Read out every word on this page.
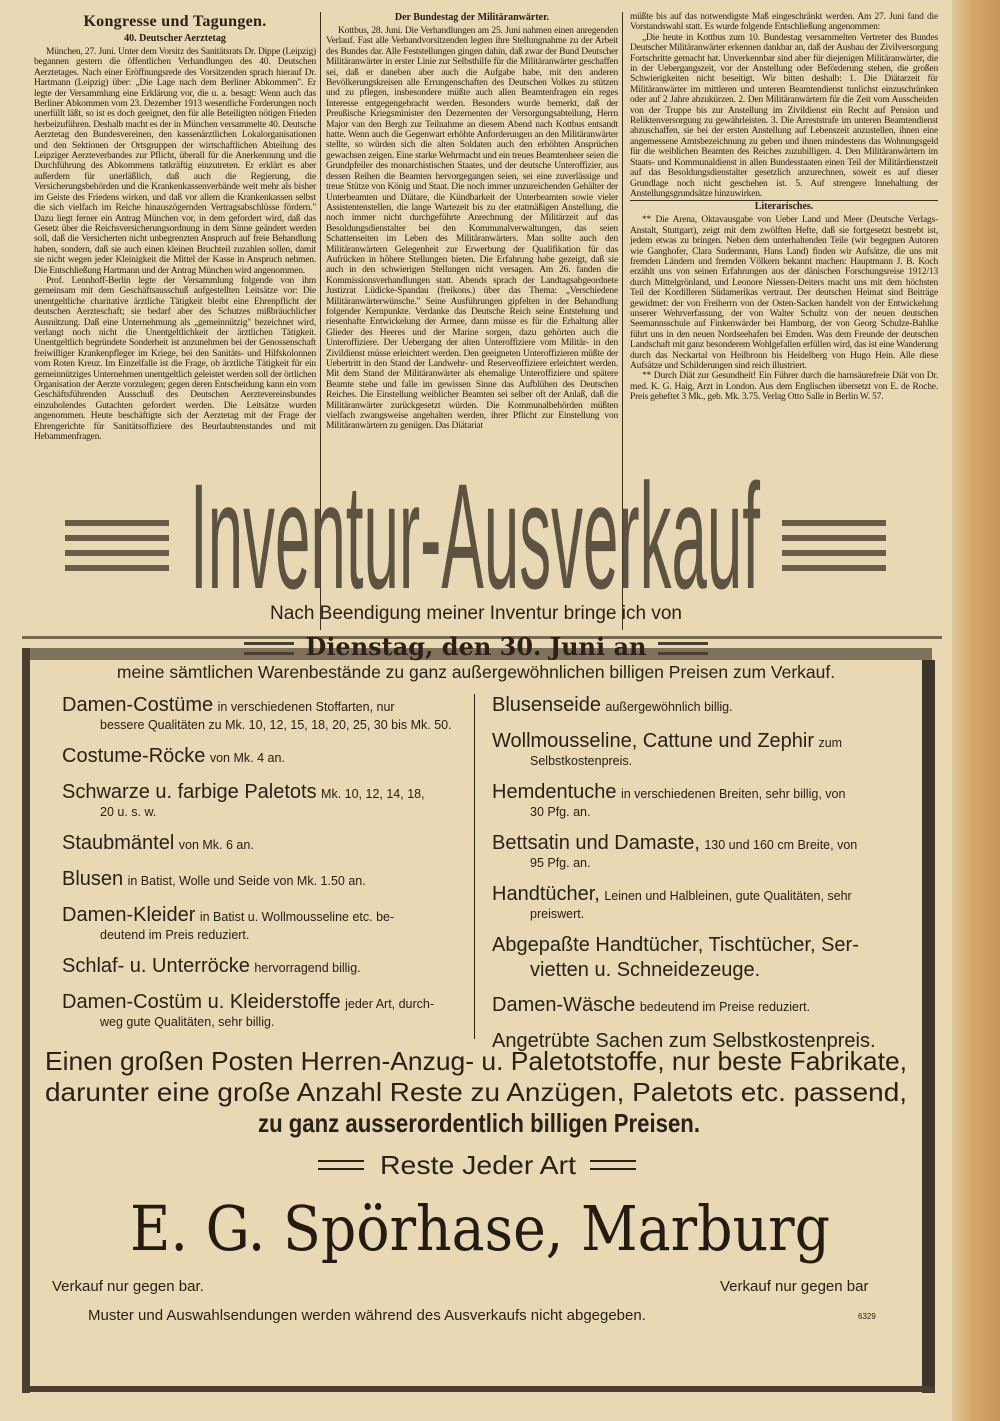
Kongresse und Tagungen.
40. Deutscher Aerztetag

München, 27. Juni. Unter dem Vorsitz des Sanitätsrats Dr. Dippe (Leipzig) begannen gestern die öffentlichen Verhandlungen des 40. Deutschen Aerztetages. Nach einer Eröffnungsrede des Vorsitzenden sprach hierauf Dr. Hartmann (Leipzig) über: „Die Lage nach dem Berliner Abkommen". Er legte der Versammlung eine Erklärung vor, die u. a. besagt: Wenn auch das Berliner Abkommen vom 23. Dezember 1913 wesentliche Forderungen noch unerfüllt läßt, so ist es doch geeignet, den für alle Beteiligten nötigen Frieden herbeizuführen. Deshalb macht es der in München versammelte 40. Deutsche Aerztetag den Bundesvereinen, den kassenärztlichen Lokalorganisationen und den Sektionen der Ortsgruppen der wirtschaftlichen Abteilung des Leipziger Aerzteverbandes zur Pflicht, überall für die Anerkennung und die Durchführung des Abkommens tatkräftig einzutreten. Er erklärt es aber außerdem für unerläßlich, daß auch die Regierung, die Versicherungsbehörden und die Krankenkassenverbände weit mehr als bisher im Geiste des Friedens wirken, und daß vor allem die Krankenkassen selbst die sich vielfach im Reiche hinauszögernden Vertragsabschlüsse fördern." Dazu liegt ferner ein Antrag München vor, in dem gefordert wird, daß das Gesetz über die Reichsversicherungsordnung in dem Sinne geändert werden soll, daß die Versicherten nicht unbegrenzten Anspruch auf freie Behandlung haben, sondern, daß sie auch einen kleinen Bruchteil zuzahlen sollen, damit sie nicht wegen jeder Kleinigkeit die Mittel der Kasse in Anspruch nehmen. Die Entschließung Hartmann und der Antrag München wird angenommen.

Prof. Lennhoff-Berlin legte der Versammlung folgende von ihm gemeinsam mit dem Geschäftsausschuß aufgestellten Leitsätze vor: Die unentgeltliche charitative ärztliche Tätigkeit bleibt eine Ehrenpflicht der deutschen Aerzteschaft; sie bedarf aber des Schutzes mißbräuchlicher Ausnützung. Daß eine Unternehmung als „gemeinnützig" bezeichnet wird, verlangt noch nicht die Unentgeltlichkeit der ärztlichen Tätigkeit. Unentgeltlich begründete Sonderheit ist anzunehmen bei der Genossenschaft freiwilliger Krankenpfleger im Kriege, bei den Sanitäts- und Hilfskolonnen vom Roten Kreuz. Im Einzelfalle ist die Frage, ob ärztliche Tätigkeit für ein gemeinnütziges Unternehmen unentgeltlich geleistet werden soll der örtlichen Organisation der Aerzte vorzulegen; gegen deren Entscheidung kann ein vom Geschäftsführenden Ausschuß des Deutschen Aerztevereinsbundes einzuholendes Gutachten gefordert werden. Die Leitsätze wurden angenommen. Heute beschäftigte sich der Aerztetag mit der Frage der Ehrengerichte für Sanitätsoffiziere des Beurlaubtenstandes und mit Hebammenfragen.

Der Bundestag der Militäranwärter.

Kottbus, 28. Juni. Die Verhandlungen am 25. Juni nahmen einen anregenden Verlauf. Fast alle Verbandvorsitzenden legten ihre Stellungnahme zu der Arbeit des Bundes dar. Alle Feststellungen gingen dahin, daß zwar der Bund Deutscher Militäranwärter in erster Linie zur Selbsthilfe für die Militäranwärter geschaffen sei, daß er daneben aber auch die Aufgabe habe, mit den anderen Bevölkerungskreisen alle Errungenschaften des Deutschen Volkes zu stützen und zu pflegen, insbesondere müßte auch allen Beamtenfragen ein reges Interesse entgegengebracht werden. Besonders wurde bemerkt, daß der Preußische Kriegsminister den Dezernenten der Versorgungsabteilung, Herrn Major van den Bergh zur Teilnahme an diesem Abend nach Kottbus entsandt hatte. Wenn auch die Gegenwart erhöhte Anforderungen an den Militäranwärter stellte, so würden sich die alten Soldaten auch den erhöhten Ansprüchen gewachsen zeigen. Eine starke Wehrmacht und ein treues Beamtenheer seien die Grundpfeiler des monarchistischen Staates, und der deutsche Unteroffizier, aus dessen Reihen die Beamten hervorgegangen seien, sei eine zuverlässige und treue Stütze von König und Staat. Die noch immer unzureichenden Gehälter der Unterbeamten und Diätare, die Kündbarkeit der Unterbeamten sowie vieler Assistentenstellen, die lange Wartezeit bis zu der etatmäßigen Anstellung, die noch immer nicht durchgeführte Anrechnung der Militärzeit auf das Besoldungsdienstalter bei den Kommunalverwaltungen, das seien Schattenseiten im Leben des Militäranwärters. Man sollte auch den Militäranwärtern Gelegenheit zur Erwerbung der Qualifikation für das Aufrücken in höhere Stellungen bieten. Die Erfahrung habe gezeigt, daß sie auch in den schwierigen Stellungen nicht versagen. Am 26. fanden die Kommissionsverhandlungen statt. Abends sprach der Landtagsabgeordnete Justizrat Lüdicke-Spandau (freikons.) über das Thema: „Verschiedene Militäranwärterwünsche." Seine Ausführungen gipfelten in der Behandlung folgender Kernpunkte. Verdanke das Deutsche Reich seine Entstehung und riesenhafte Entwickelung der Armee, dann müsse es für die Erhaltung aller Glieder des Heeres und der Marine sorgen, dazu gehörten auch die Unteroffiziere. Der Uebergang der alten Unteroffiziere vom Militär- in den Zivildienst müsse erleichtert werden. Den geeigneten Unteroffizieren müßte der Uebertritt in den Stand der Landwehr- und Reserveoffiziere erleichtert werden. Mit dem Stand der Militäranwärter als ehemalige Unteroffiziere und spätere Beamte stehe und falle im gewissen Sinne das Aufblühen des Deutschen Reiches. Die Einstellung weiblicher Beamten sei selber oft der Anlaß, daß die Militäranwärter zurückgesetzt würden. Die Kommunalbehörden müßten vielfach zwangsweise angehalten werden, ihrer Pflicht zur Einstellung von Militäranwärtern zu genügen. Das Diätariat

müßte bis auf das notwendigste Maß eingeschränkt werden. Am 27. Juni fand die Vorstandswahl statt. Es wurde folgende Entschließung angenommen:

„Die heute in Kottbus zum 10. Bundestag versammelten Vertreter des Bundes Deutscher Militäranwärter erkennen dankbar an, daß der Ausbau der Zivilversorgung Fortschritte gemacht hat. Unverkennbar sind aber für diejenigen Militäranwärter, die in der Uebergangszeit, vor der Anstellung oder Beförderung stehen, die großen Schwierigkeiten nicht beseitigt. Wir bitten deshalb: 1. Die Diätarzeit für Militäranwärter im mittleren und unteren Beamtendienst tunlichst einzuschränken oder auf 2 Jahre abzukürzen. 2. Den Militäranwärtern für die Zeit vom Ausscheiden von der Truppe bis zur Anstellung im Zivildienst ein Recht auf Pension und Reliktenversorgung zu gewährleisten. 3. Die Arreststrafe im unteren Beamtendienst abzuschaffen, sie bei der ersten Anstellung auf Lebenszeit anzustellen, ihnen eine angemessene Amtsbezeichnung zu geben und ihnen mindestens das Wohnungsgeld für die weiblichen Beamten des Reiches zuzubilligen. 4. Den Militäranwärtern im Staats- und Kommunaldienst in allen Bundesstaaten einen Teil der Militärdienstzeit auf das Besoldungsdienstalter gesetzlich anzurechnen, soweit es auf dieser Grundlage noch nicht geschehen ist. 5. Auf strengere Innehaltung der Anstellungsgrundsätze hinzuwirken.

Literarisches.

** Die Arena, Oktavausgabe von Ueber Land und Meer (Deutsche Verlags-Anstalt, Stuttgart), zeigt mit dem zwölften Hefte, daß sie fortgesetzt bestrebt ist, jedem etwas zu bringen. Neben dem unterhaltenden Teile (wir begegnen Autoren wie Ganghofer, Clara Sudermann, Hans Land) finden wir Aufsätze, die uns mit fremden Ländern und fremden Völkern bekannt machen: Hauptmann J. B. Koch erzählt uns von seinen Erfahrungen aus der dänischen Forschungsreise 1912/13 durch Mittelgrönland, und Leonore Niessen-Deiters macht uns mit dem höchsten Teil der Kordilleren Südamerikas vertraut. Der deutschen Heimat sind Beiträge gewidmet: der von Freiherrn von der Osten-Sacken handelt von der Entwickelung unserer Wehrverfassung, der von Walter Schultz von der neuen deutschen Seemannsschule auf Finkenwärder bei Hamburg, der von Georg Schulze-Bahlke führt uns in den neuen Nordseehafen bei Emden. Was dem Freunde der deutschen Landschaft mit ganz besonderem Wohlgefallen erfüllen wird, das ist eine Wanderung durch das Neckartal von Heilbronn bis Heidelberg von Hugo Hein. Alle diese Aufsätze und Schilderungen sind reich illustriert.

** Durch Diät zur Gesundheit! Ein Führer durch die harnsäurefreie Diät von Dr. med. K. G. Haig, Arzt in London. Aus dem Englischen übersetzt von E. de Roche. Preis geheftet 3 Mk., geb. Mk. 3.75. Verlag Otto Salle in Berlin W. 57.

Inventur-Ausverkauf
Nach Beendigung meiner Inventur bringe ich von
Dienstag, den 30. Juni an
meine sämtlichen Warenbestände zu ganz außergewöhnlichen billigen Preisen zum Verkauf.
Damen-Costüme in verschiedenen Stoffarten, nur
bessere Qualitäten zu Mk. 10, 12, 15, 18, 20, 25, 30 bis Mk. 50.
Costume-Röcke von Mk. 4 an.
Schwarze u. farbige Paletots Mk. 10, 12, 14, 18,
20 u. s. w.
Staubmäntel von Mk. 6 an.
Blusen in Batist, Wolle und Seide von Mk. 1.50 an.
Damen-Kleider in Batist u. Wollmousseline etc. be-
deutend im Preis reduziert.
Schlaf- u. Unterröcke hervorragend billig.
Damen-Costüm u. Kleiderstoffe jeder Art, durch-
weg gute Qualitäten, sehr billig.
Blusenseide außergewöhnlich billig.
Wollmousseline, Cattune und Zephir zum
Selbstkostenpreis.
Hemdentuche in verschiedenen Breiten, sehr billig, von
30 Pfg. an.
Bettsatin und Damaste, 130 und 160 cm Breite, von
95 Pfg. an.
Handtücher, Leinen und Halbleinen, gute Qualitäten, sehr
preiswert.
Abgepaßte Handtücher, Tischtücher, Ser-
vietten u. Schneidezeuge.
Damen-Wäsche bedeutend im Preise reduziert.
Angetrübte Sachen zum Selbstkostenpreis.
Einen großen Posten Herren-Anzug- u. Paletotstoffe, nur beste Fabrikate,
darunter eine große Anzahl Reste zu Anzügen, Paletots etc. passend,
zu ganz ausserordentlich billigen Preisen.
Reste Jeder Art
E. G. Spörhase, Marburg
Verkauf nur gegen bar.	Verkauf nur gegen bar
Muster und Auswahlsendungen werden während des Ausverkaufs nicht abgegeben.	6329
